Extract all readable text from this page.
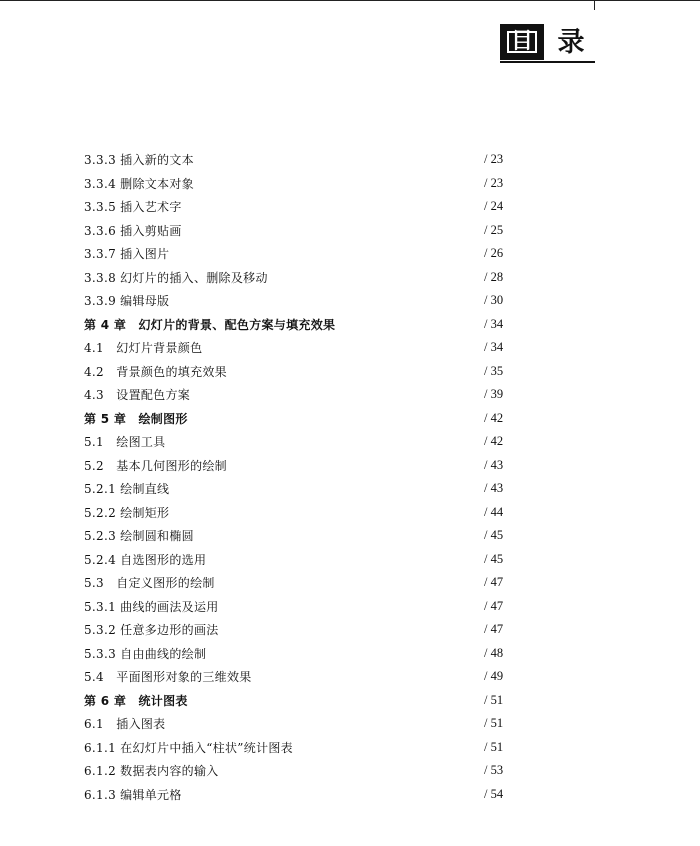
目 录
3.3.3 插入新的文本	/ 23
3.3.4 删除文本对象	/ 23
3.3.5 插入艺术字	/ 24
3.3.6 插入剪贴画	/ 25
3.3.7 插入图片	/ 26
3.3.8 幻灯片的插入、删除及移动	/ 28
3.3.9 编辑母版	/ 30
第 4 章　幻灯片的背景、配色方案与填充效果	/ 34
4.1　幻灯片背景颜色	/ 34
4.2　背景颜色的填充效果	/ 35
4.3　设置配色方案	/ 39
第 5 章　绘制图形	/ 42
5.1　绘图工具	/ 42
5.2　基本几何图形的绘制	/ 43
5.2.1 绘制直线	/ 43
5.2.2 绘制矩形	/ 44
5.2.3 绘制圆和椭圆	/ 45
5.2.4 自选图形的选用	/ 45
5.3　自定义图形的绘制	/ 47
5.3.1 曲线的画法及运用	/ 47
5.3.2 任意多边形的画法	/ 47
5.3.3 自由曲线的绘制	/ 48
5.4　平面图形对象的三维效果	/ 49
第 6 章　统计图表	/ 51
6.1　插入图表	/ 51
6.1.1 在幻灯片中插入“柱状”统计图表	/ 51
6.1.2 数据表内容的输入	/ 53
6.1.3 编辑单元格	/ 54
